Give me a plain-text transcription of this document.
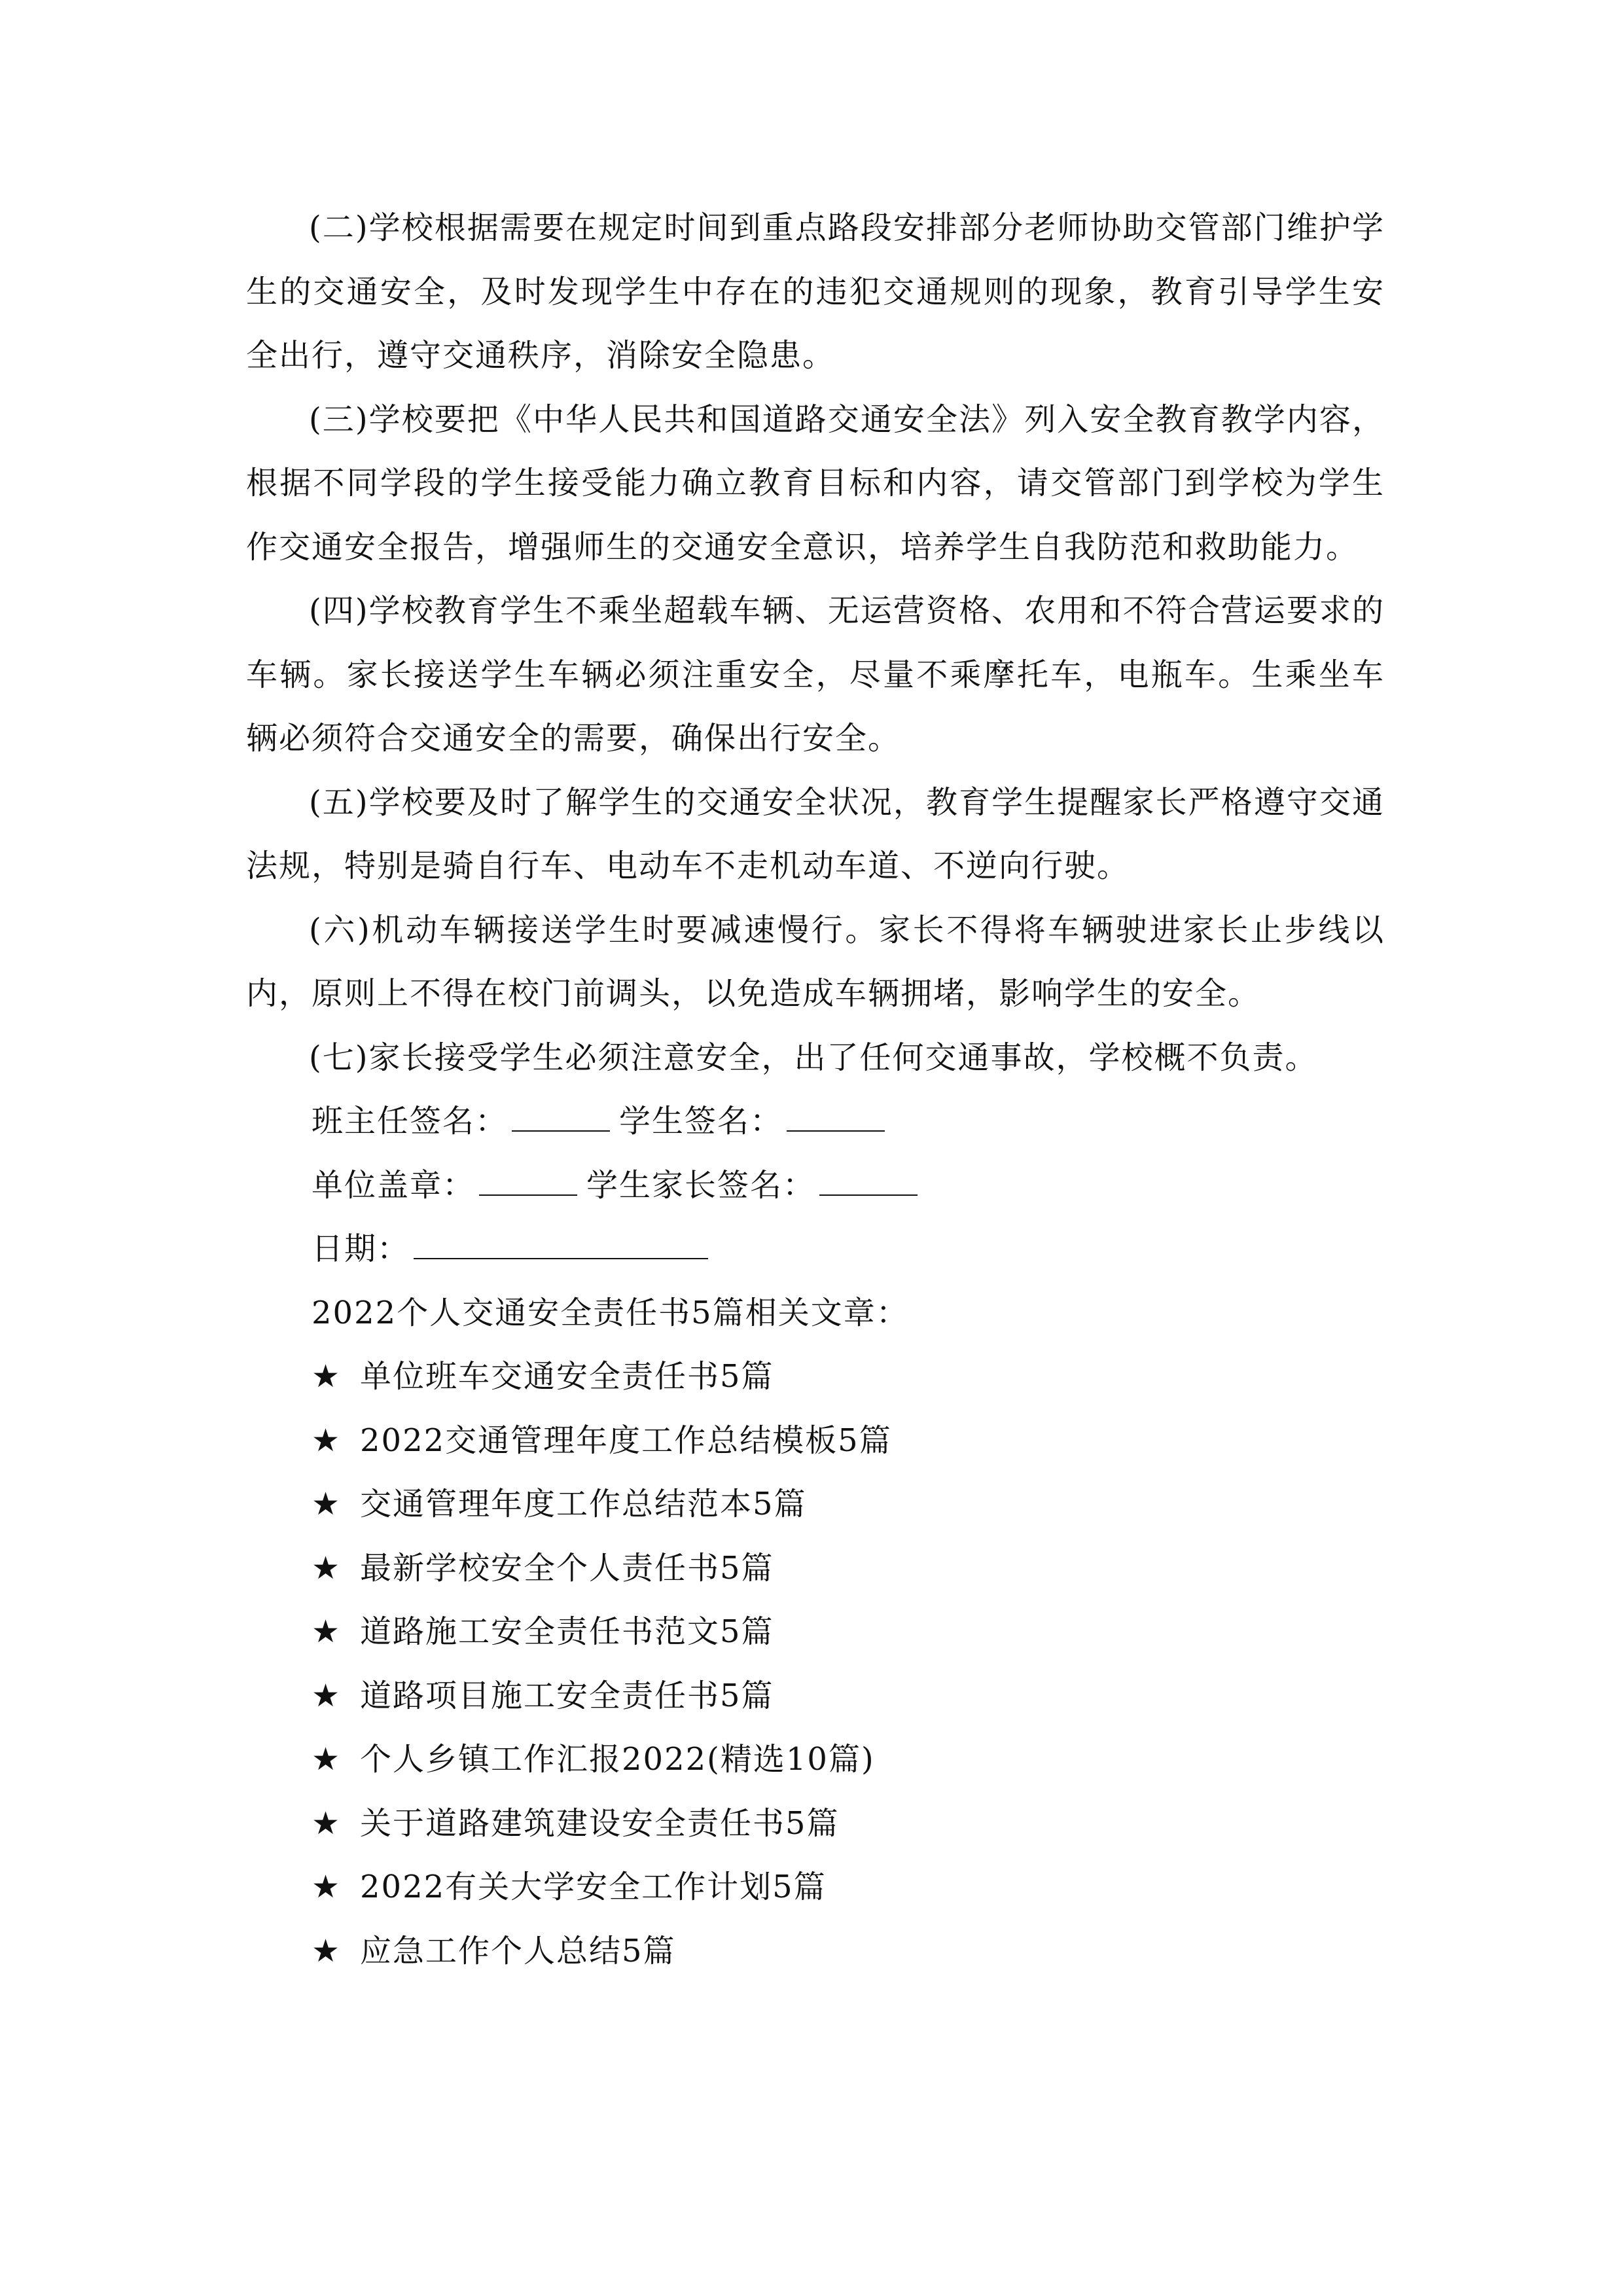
(二)学校根据需要在规定时间到重点路段安排部分老师协助交管部门维护学生的交通安全，及时发现学生中存在的违犯交通规则的现象，教育引导学生安全出行，遵守交通秩序，消除安全隐患。

(三)学校要把《中华人民共和国道路交通安全法》列入安全教育教学内容，根据不同学段的学生接受能力确立教育目标和内容，请交管部门到学校为学生作交通安全报告，增强师生的交通安全意识，培养学生自我防范和救助能力。

(四)学校教育学生不乘坐超载车辆、无运营资格、农用和不符合营运要求的车辆。家长接送学生车辆必须注重安全，尽量不乘摩托车，电瓶车。生乘坐车辆必须符合交通安全的需要，确保出行安全。

(五)学校要及时了解学生的交通安全状况，教育学生提醒家长严格遵守交通法规，特别是骑自行车、电动车不走机动车道、不逆向行驶。

(六)机动车辆接送学生时要减速慢行。家长不得将车辆驶进家长止步线以内，原则上不得在校门前调头，以免造成车辆拥堵，影响学生的安全。

(七)家长接受学生必须注意安全，出了任何交通事故，学校概不负责。

班主任签名：	学生签名：
单位盖章：	学生家长签名：
日期：
2022个人交通安全责任书5篇相关文章：
★ 单位班车交通安全责任书5篇
★ 2022交通管理年度工作总结模板5篇
★ 交通管理年度工作总结范本5篇
★ 最新学校安全个人责任书5篇
★ 道路施工安全责任书范文5篇
★ 道路项目施工安全责任书5篇
★ 个人乡镇工作汇报2022(精选10篇)
★ 关于道路建筑建设安全责任书5篇
★ 2022有关大学安全工作计划5篇
★ 应急工作个人总结5篇
